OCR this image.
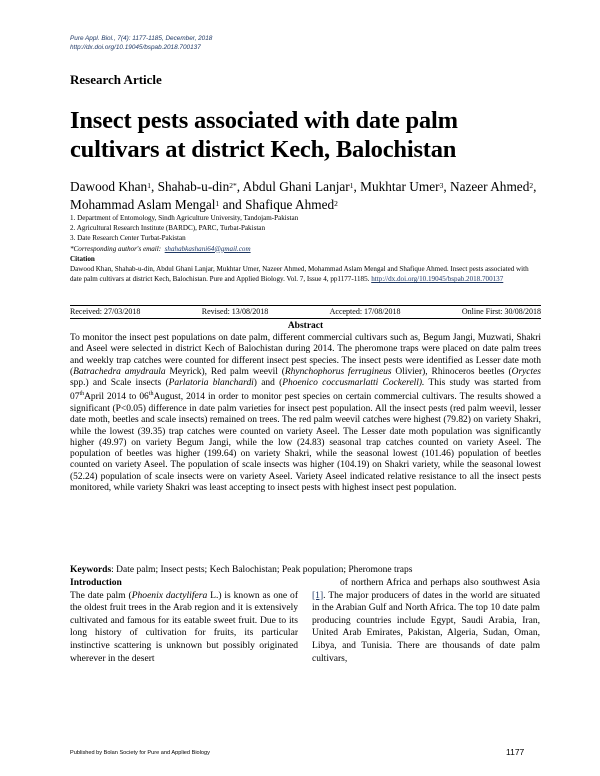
Pure Appl. Biol., 7(4): 1177-1185, December, 2018
http://dx.doi.org/10.19045/bspab.2018.700137
Research Article
Insect pests associated with date palm cultivars at district Kech, Balochistan
Dawood Khan$^1$, Shahab-u-din$^{2*}$, Abdul Ghani Lanjar$^1$, Mukhtar Umer$^3$, Nazeer Ahmed$^2$, Mohammad Aslam Mengal$^1$ and Shafique Ahmed$^2$
1. Department of Entomology, Sindh Agriculture University, Tandojam-Pakistan
2. Agricultural Research Institute (BARDC), PARC, Turbat-Pakistan
3. Date Research Center Turbat-Pakistan
*Corresponding author's email: shahabkashani64@gmail.com
Citation
Dawood Khan, Shahab-u-din, Abdul Ghani Lanjar, Mukhtar Umer, Nazeer Ahmed, Mohammad Aslam Mengal and Shafique Ahmed. Insect pests associated with date palm cultivars at district Kech, Balochistan. Pure and Applied Biology. Vol. 7, Issue 4, pp1177-1185. http://dx.doi.org/10.19045/bspab.2018.700137
Received: 27/03/2018	Revised: 13/08/2018	Accepted: 17/08/2018	Online First: 30/08/2018
Abstract
To monitor the insect pest populations on date palm, different commercial cultivars such as, Begum Jangi, Muzwati, Shakri and Aseel were selected in district Kech of Balochistan during 2014. The pheromone traps were placed on date palm trees and weekly trap catches were counted for different insect pest species. The insect pests were identified as Lesser date moth (Batrachedra amydraula Meyrick), Red palm weevil (Rhynchophorus ferrugineus Olivier), Rhinoceros beetles (Oryctes spp.) and Scale insects (Parlatoria blanchardi) and (Phoenico coccusmarlatti Cockerell). This study was started from 07thApril 2014 to 06thAugust, 2014 in order to monitor pest species on certain commercial cultivars. The results showed a significant (P<0.05) difference in date palm varieties for insect pest population. All the insect pests (red palm weevil, lesser date moth, beetles and scale insects) remained on trees. The red palm weevil catches were highest (79.82) on variety Shakri, while the lowest (39.35) trap catches were counted on variety Aseel. The Lesser date moth population was significantly higher (49.97) on variety Begum Jangi, while the low (24.83) seasonal trap catches counted on variety Aseel. The population of beetles was higher (199.64) on variety Shakri, while the seasonal lowest (101.46) population of beetles counted on variety Aseel. The population of scale insects was higher (104.19) on Shakri variety, while the seasonal lowest (52.24) population of scale insects were on variety Aseel. Variety Aseel indicated relative resistance to all the insect pests monitored, while variety Shakri was least accepting to insect pests with highest insect pest population.
Keywords: Date palm; Insect pests; Kech Balochistan; Peak population; Pheromone traps
Introduction
The date palm (Phoenix dactylifera L.) is known as one of the oldest fruit trees in the Arab region and it is extensively cultivated and famous for its eatable sweet fruit. Due to its long history of cultivation for fruits, its particular instinctive scattering is unknown but possibly originated wherever in the desert
of northern Africa and perhaps also southwest Asia [1]. The major producers of dates in the world are situated in the Arabian Gulf and North Africa. The top 10 date palm producing countries include Egypt, Saudi Arabia, Iran, United Arab Emirates, Pakistan, Algeria, Sudan, Oman, Libya, and Tunisia. There are thousands of date palm cultivars,
Published by Bolan Society for Pure and Applied Biology	1177
